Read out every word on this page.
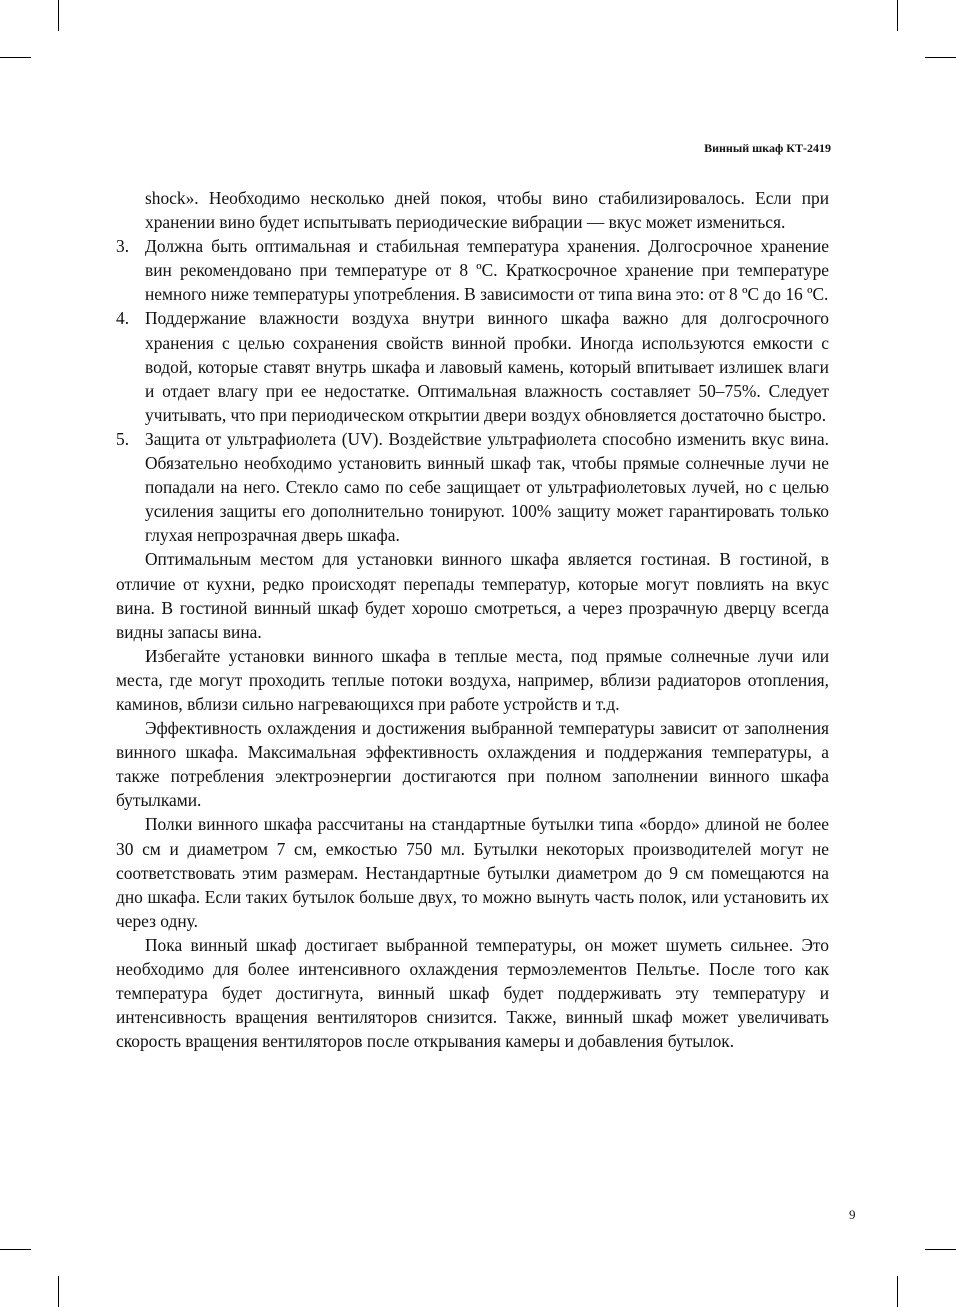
Винный шкаф КТ-2419

shock». Необходимо несколько дней покоя, чтобы вино стабилизировалось. Если при хранении вино будет испытывать периодические вибрации — вкус может измениться.

3. Должна быть оптимальная и стабильная температура хранения. Долгосрочное хранение вин рекомендовано при температуре от 8 ºС. Краткосрочное хранение при температуре немного ниже температуры употребления. В зависимости от типа вина это: от 8 ºС до 16 ºС.

4. Поддержание влажности воздуха внутри винного шкафа важно для долгосрочного хранения с целью сохранения свойств винной пробки. Иногда используются емкости с водой, которые ставят внутрь шкафа и лавовый камень, который впитывает излишек влаги и отдает влагу при ее недостатке. Оптимальная влажность составляет 50–75%. Следует учитывать, что при периодическом открытии двери воздух обновляется достаточно быстро.

5. Защита от ультрафиолета (UV). Воздействие ультрафиолета способно изменить вкус вина. Обязательно необходимо установить винный шкаф так, чтобы прямые солнечные лучи не попадали на него. Стекло само по себе защищает от ультрафиолетовых лучей, но с целью усиления защиты его дополнительно тонируют. 100% защиту может гарантировать только глухая непрозрачная дверь шкафа.

Оптимальным местом для установки винного шкафа является гостиная. В гостиной, в отличие от кухни, редко происходят перепады температур, которые могут повлиять на вкус вина. В гостиной винный шкаф будет хорошо смотреться, а через прозрачную дверцу всегда видны запасы вина.

Избегайте установки винного шкафа в теплые места, под прямые солнечные лучи или места, где могут проходить теплые потоки воздуха, например, вблизи радиаторов отопления, каминов, вблизи сильно нагревающихся при работе устройств и т.д.

Эффективность охлаждения и достижения выбранной температуры зависит от заполнения винного шкафа. Максимальная эффективность охлаждения и поддержания температуры, а также потребления электроэнергии достигаются при полном заполнении винного шкафа бутылками.

Полки винного шкафа рассчитаны на стандартные бутылки типа «бордо» длиной не более 30 см и диаметром 7 см, емкостью 750 мл. Бутылки некоторых производителей могут не соответствовать этим размерам. Нестандартные бутылки диаметром до 9 см помещаются на дно шкафа. Если таких бутылок больше двух, то можно вынуть часть полок, или установить их через одну.

Пока винный шкаф достигает выбранной температуры, он может шуметь сильнее. Это необходимо для более интенсивного охлаждения термоэлементов Пельтье. После того как температура будет достигнута, винный шкаф будет поддерживать эту температуру и интенсивность вращения вентиляторов снизится. Также, винный шкаф может увеличивать скорость вращения вентиляторов после открывания камеры и добавления бутылок.

9
